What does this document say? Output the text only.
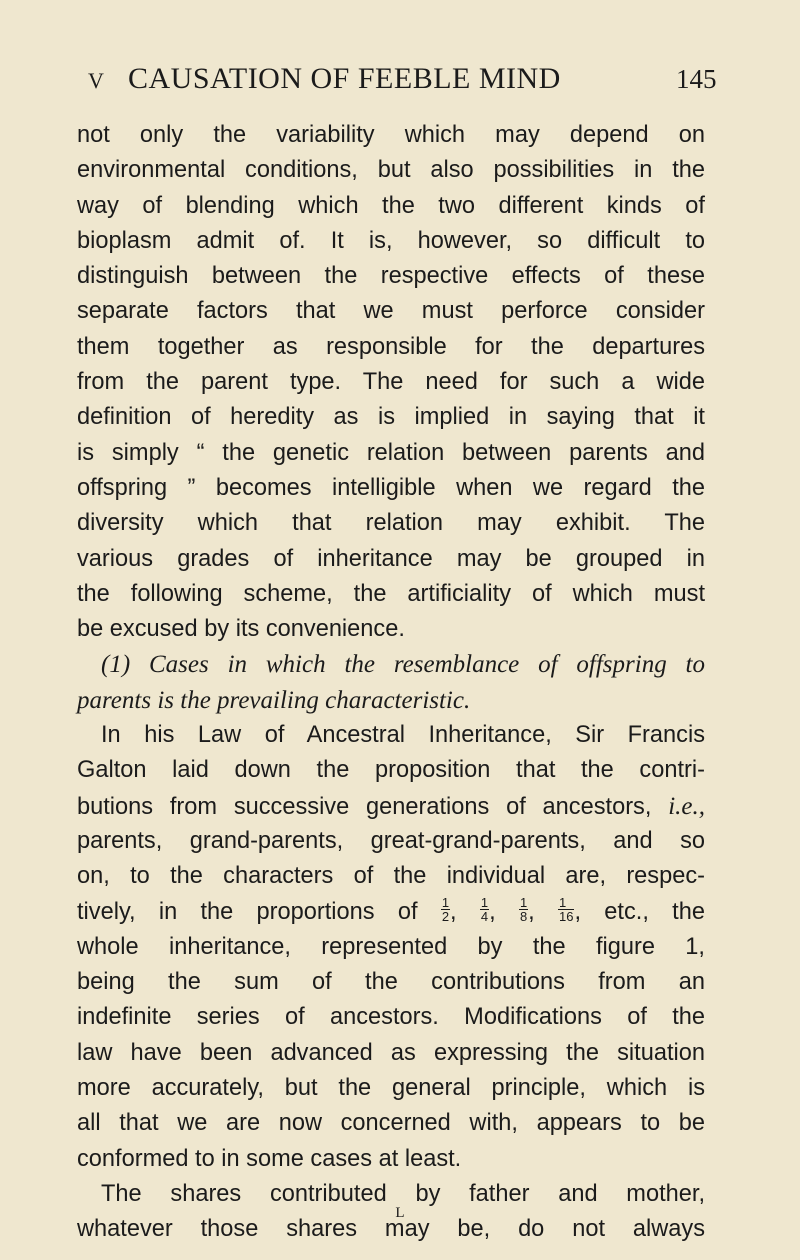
V CAUSATION OF FEEBLE MIND	145
not only the variability which may depend on
environmental conditions, but also possibilities in the
way of blending which the two different kinds of
bioplasm admit of. It is, however, so difficult to
distinguish between the respective effects of these
separate factors that we must perforce consider
them together as responsible for the departures
from the parent type. The need for such a wide
definition of heredity as is implied in saying that it
is simply “ the genetic relation between parents and
offspring ” becomes intelligible when we regard the
diversity which that relation may exhibit. The
various grades of inheritance may be grouped in
the following scheme, the artificiality of which must
be excused by its convenience.
(1) Cases in which the resemblance of offspring to
parents is the prevailing characteristic.
In his Law of Ancestral Inheritance, Sir Francis
Galton laid down the proposition that the contri-
butions from successive generations of ancestors, i.e.,
parents, grand-parents, great-grand-parents, and so
on, to the characters of the individual are, respec-
tively, in the proportions of $\frac{1}{2}$ , $\frac{1}{4}$ , $\frac{1}{8}$ , $\frac{1}{16}$ , etc., the
whole inheritance, represented by the figure 1,
being the sum of the contributions from an
indefinite series of ancestors. Modifications of the
law have been advanced as expressing the situation
more accurately, but the general principle, which is
all that we are now concerned with, appears to be
conformed to in some cases at least.
The shares contributed by father and mother,
whatever those shares may be, do not always
L
